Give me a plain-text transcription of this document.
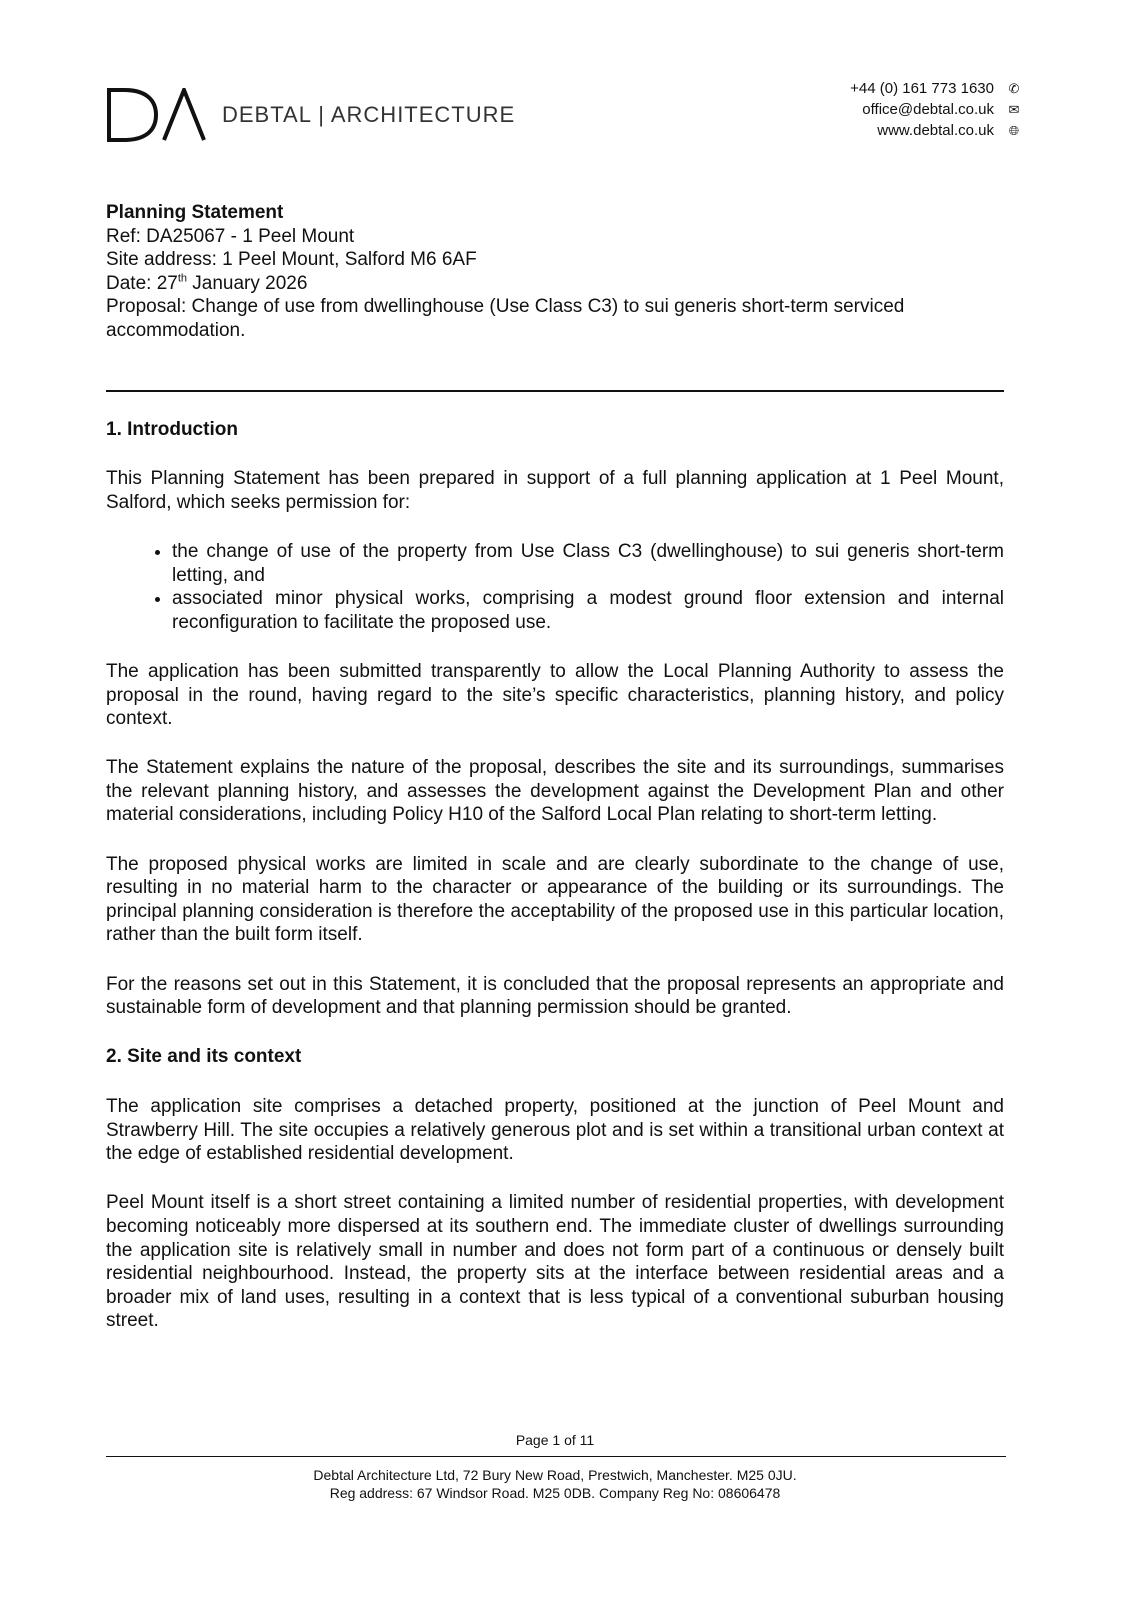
DEBTAL | ARCHITECTURE
+44 (0) 161 773 1630	✆
office@debtal.co.uk	✉
www.debtal.co.uk	🌐︎

Planning Statement

Ref: DA25067 - 1 Peel Mount

Site address: 1 Peel Mount, Salford M6 6AF

Date: 27th January 2026

Proposal: Change of use from dwellinghouse (Use Class C3) to sui generis short-term serviced accommodation.

1. Introduction

This Planning Statement has been prepared in support of a full planning application at 1 Peel Mount, Salford, which seeks permission for:

• the change of use of the property from Use Class C3 (dwellinghouse) to sui generis short-term letting, and
• associated minor physical works, comprising a modest ground floor extension and internal reconfiguration to facilitate the proposed use.

The application has been submitted transparently to allow the Local Planning Authority to assess the proposal in the round, having regard to the site’s specific characteristics, planning history, and policy context.

The Statement explains the nature of the proposal, describes the site and its surroundings, summarises the relevant planning history, and assesses the development against the Development Plan and other material considerations, including Policy H10 of the Salford Local Plan relating to short-term letting.

The proposed physical works are limited in scale and are clearly subordinate to the change of use, resulting in no material harm to the character or appearance of the building or its surroundings. The principal planning consideration is therefore the acceptability of the proposed use in this particular location, rather than the built form itself.

For the reasons set out in this Statement, it is concluded that the proposal represents an appropriate and sustainable form of development and that planning permission should be granted.

2. Site and its context

The application site comprises a detached property, positioned at the junction of Peel Mount and Strawberry Hill. The site occupies a relatively generous plot and is set within a transitional urban context at the edge of established residential development.

Peel Mount itself is a short street containing a limited number of residential properties, with development becoming noticeably more dispersed at its southern end. The immediate cluster of dwellings surrounding the application site is relatively small in number and does not form part of a continuous or densely built residential neighbourhood. Instead, the property sits at the interface between residential areas and a broader mix of land uses, resulting in a context that is less typical of a conventional suburban housing street.

Page 1 of 11
Debtal Architecture Ltd, 72 Bury New Road, Prestwich, Manchester. M25 0JU.
Reg address: 67 Windsor Road. M25 0DB. Company Reg No: 08606478
